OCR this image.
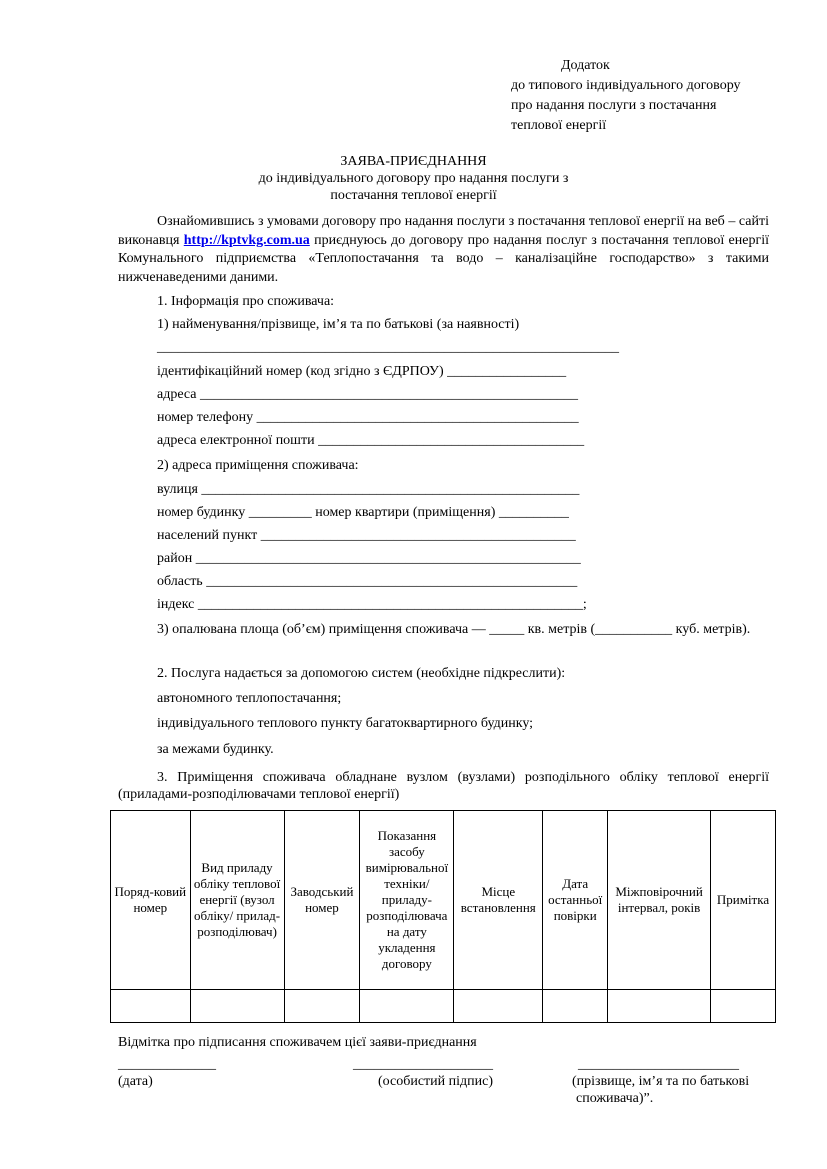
Додаток
до типового індивідуального договору
про надання послуги з постачання
теплової енергії
ЗАЯВА-ПРИЄДНАННЯ
до індивідуального договору про надання послуги з
постачання теплової енергії
Ознайомившись з умовами договору про надання послуги з постачання теплової енергії на веб – сайті виконавця http://kptvkg.com.ua приєднуюсь до договору про надання послуг з постачання теплової енергії Комунального підприємства «Теплопостачання та водо – каналізаційне господарство» з такими нижченаведеними даними.
1. Інформація про споживача:
1) найменування/прізвище, ім’я та по батькові (за наявності)
__________________________________________________________________
ідентифікаційний номер (код згідно з ЄДРПОУ) _________________
адреса ______________________________________________________
номер телефону ______________________________________________
адреса електронної пошти ______________________________________
2) адреса приміщення споживача:
вулиця ______________________________________________________
номер будинку _________ номер квартири (приміщення) __________
населений пункт _____________________________________________
район _______________________________________________________
область _____________________________________________________
індекс _______________________________________________________;
3) опалювана площа (об’єм) приміщення споживача — _____ кв. метрів (___________ куб. метрів).
2. Послуга надається за допомогою систем (необхідне підкреслити):
автономного теплопостачання;
індивідуального теплового пункту багатоквартирного будинку;
за межами будинку.
3. Приміщення споживача обладнане вузлом (вузлами) розподільного обліку теплової енергії (приладами-розподілювачами теплової енергії)
Поряд-ковий номер	Вид приладу обліку теплової енергії (вузол обліку/ прилад-розподілювач)	Заводський номер	Показання засобу вимірювальної техніки/ приладу-розподілювача на дату укладення договору	Місце встановлення	Дата останньої повірки	Міжповірочний інтервал, років	Примітка

Відмітка про підписання споживачем цієї заяви-приєднання
______________	____________________	_______________________
(дата)	(особистий підпис)	(прізвище, ім’я та по батькові
споживача)”.
